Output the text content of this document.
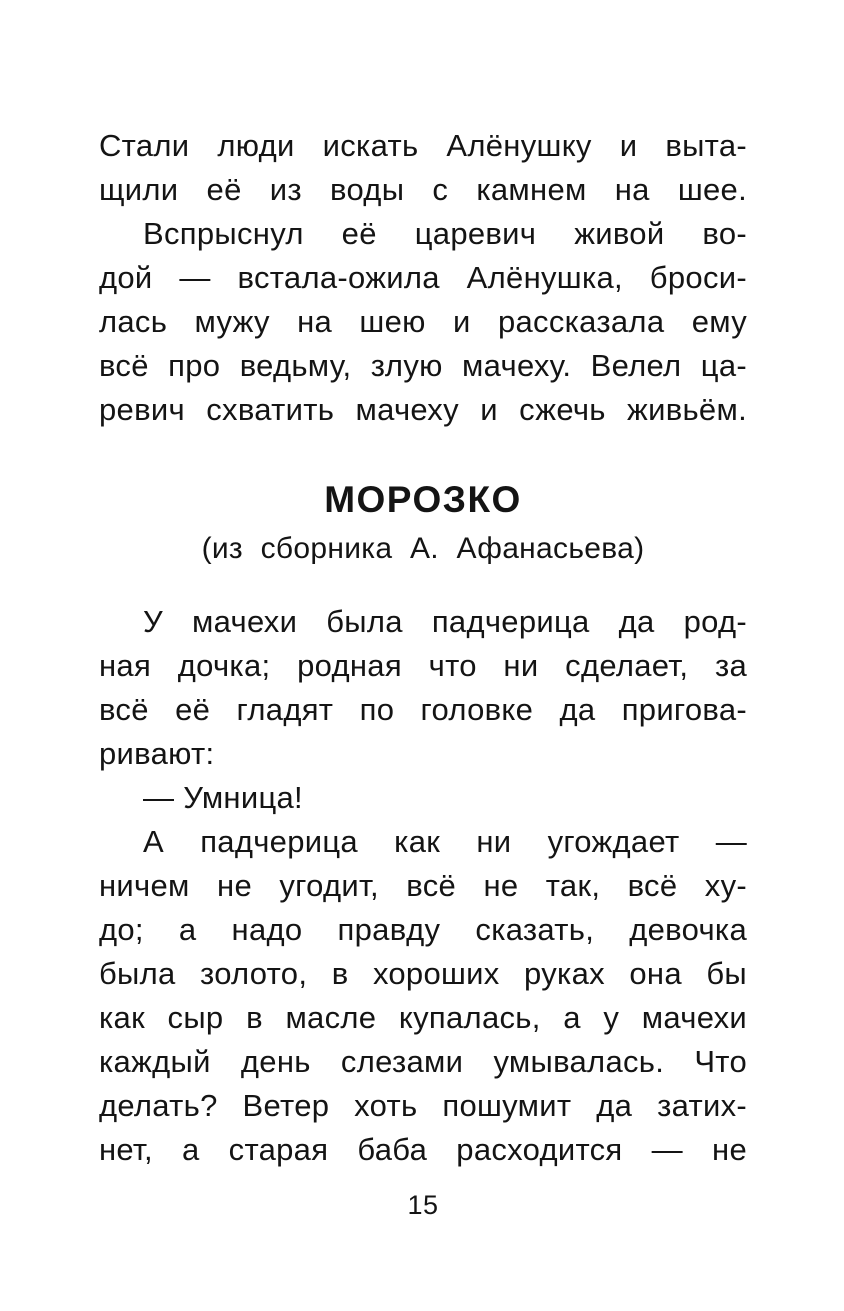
Стали люди искать Алёнушку и выта-
щили её из воды с камнем на шее.
Вспрыснул её царевич живой во-
дой — встала-ожила Алёнушка, броси-
лась мужу на шею и рассказала ему
всё про ведьму, злую мачеху. Велел ца-
ревич схватить мачеху и сжечь живьём.
МОРОЗКО
(из сборника А. Афанасьева)
У мачехи была падчерица да род-
ная дочка; родная что ни сделает, за
всё её гладят по головке да пригова-
ривают:
— Умница!
А падчерица как ни угождает —
ничем не угодит, всё не так, всё ху-
до; а надо правду сказать, девочка
была золото, в хороших руках она бы
как сыр в масле купалась, а у мачехи
каждый день слезами умывалась. Что
делать? Ветер хоть пошумит да затих-
нет, а старая баба расходится — не
15
